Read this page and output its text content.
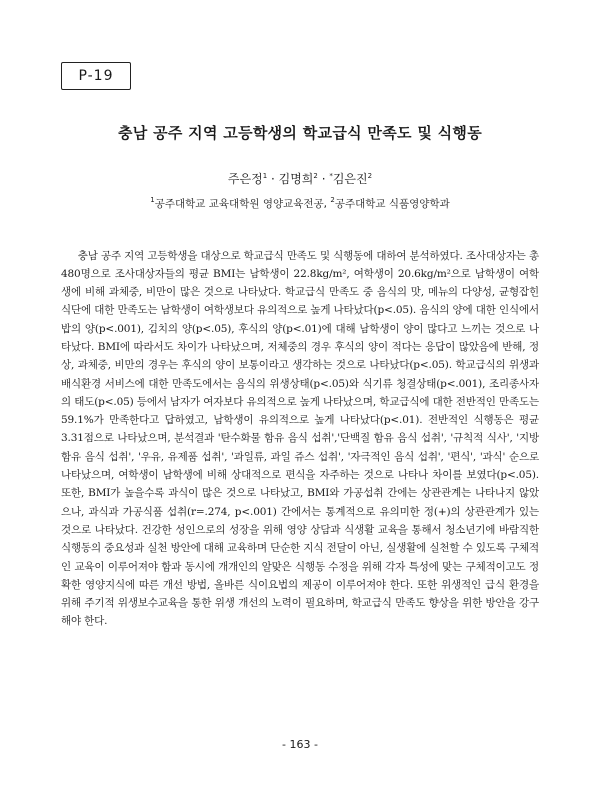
P-19
충남 공주 지역 고등학생의 학교급식 만족도 및 식행동
주은정$^1$ · 김명희$^2$ · *김은진$^2$
$^1$공주대학교 교육대학원 영양교육전공, $^2$공주대학교 식품영양학과

충남 공주 지역 고등학생을 대상으로 학교급식 만족도 및 식행동에 대하여 분석하였다. 조사대상자는 총 480명으로 조사대상자들의 평균 BMI는 남학생이 22.8kg/m², 여학생이 20.6kg/m²으로 남학생이 여학생에 비해 과체중, 비만이 많은 것으로 나타났다. 학교급식 만족도 중 음식의 맛, 메뉴의 다양성, 균형잡힌 식단에 대한 만족도는 남학생이 여학생보다 유의적으로 높게 나타났다(p<.05). 음식의 양에 대한 인식에서 밥의 양(p<.001), 김치의 양(p<.05), 후식의 양(p<.01)에 대해 남학생이 양이 많다고 느끼는 것으로 나타났다. BMI에 따라서도 차이가 나타났으며, 저체중의 경우 후식의 양이 적다는 응답이 많았음에 반해, 정상, 과체중, 비만의 경우는 후식의 양이 보통이라고 생각하는 것으로 나타났다(p<.05). 학교급식의 위생과 배식환경 서비스에 대한 만족도에서는 음식의 위생상태(p<.05)와 식기류 청결상태(p<.001), 조리종사자의 태도(p<.05) 등에서 남자가 여자보다 유의적으로 높게 나타났으며, 학교급식에 대한 전반적인 만족도는 59.1%가 만족한다고 답하였고, 남학생이 유의적으로 높게 나타났다(p<.01). 전반적인 식행동은 평균 3.31점으로 나타났으며, 분석결과 '탄수화물 함유 음식 섭취','단백질 함유 음식 섭취', '규칙적 식사', '지방 함유 음식 섭취', '우유, 유제품 섭취', '과일류, 과일 쥬스 섭취', '자극적인 음식 섭취', '편식', '과식' 순으로 나타났으며, 여학생이 남학생에 비해 상대적으로 편식을 자주하는 것으로 나타나 차이를 보였다(p<.05). 또한, BMI가 높을수록 과식이 많은 것으로 나타났고, BMI와 가공섭취 간에는 상관관계는 나타나지 않았으나, 과식과 가공식품 섭취(r=.274, p<.001) 간에서는 통계적으로 유의미한 정(+)의 상관관계가 있는 것으로 나타났다. 건강한 성인으로의 성장을 위해 영양 상담과 식생활 교육을 통해서 청소년기에 바람직한 식행동의 중요성과 실천 방안에 대해 교육하며 단순한 지식 전달이 아닌, 실생활에 실천할 수 있도록 구체적인 교육이 이루어져야 함과 동시에 개개인의 알맞은 식행동 수정을 위해 각자 특성에 맞는 구체적이고도 정확한 영양지식에 따른 개선 방법, 올바른 식이요법의 제공이 이루어져야 한다. 또한 위생적인 급식 환경을 위해 주기적 위생보수교육을 통한 위생 개선의 노력이 필요하며, 학교급식 만족도 향상을 위한 방안을 강구해야 한다.

- 163 -
